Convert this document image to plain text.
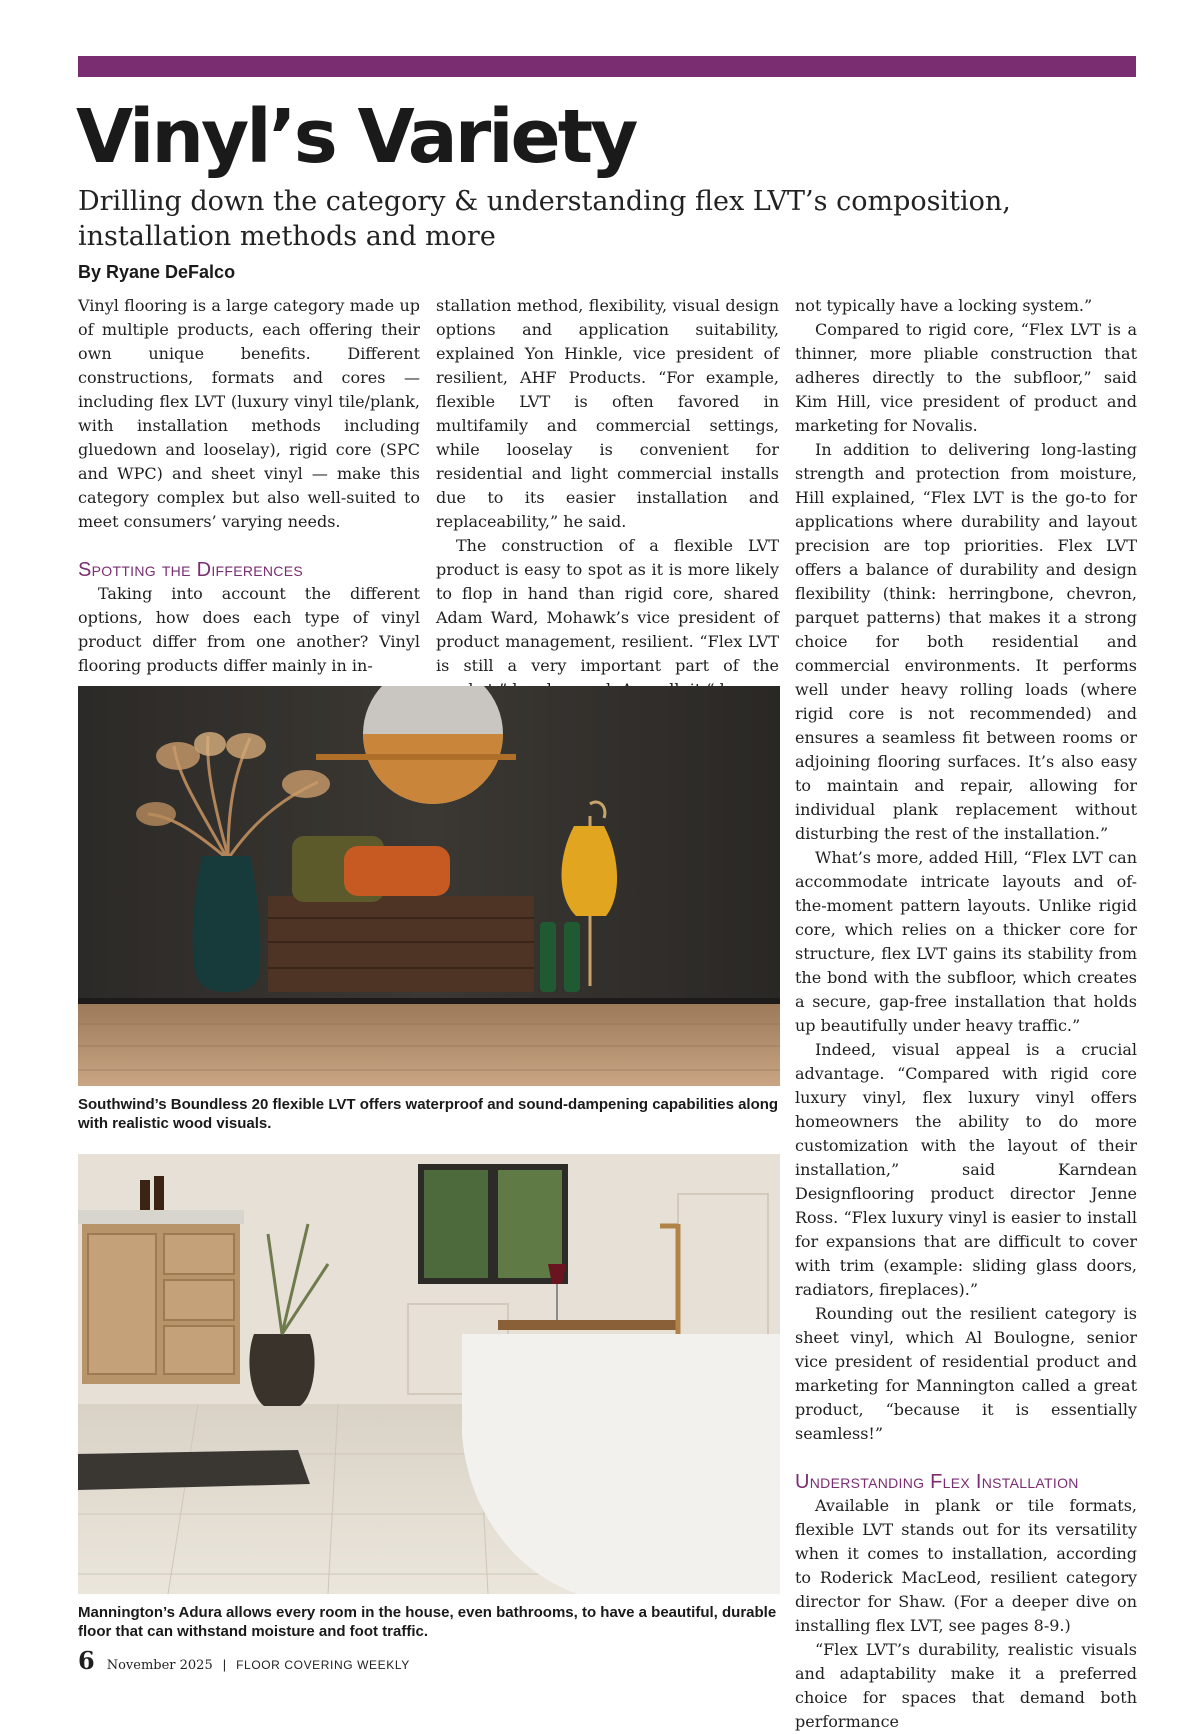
Vinyl’s Variety
Drilling down the category & understanding flex LVT’s composition, installation methods and more
By Ryane DeFalco

Vinyl flooring is a large category made up of multiple products, each offering their own unique benefits. Different constructions, formats and cores — including flex LVT (luxury vinyl tile/plank, with installation methods including gluedown and looselay), rigid core (SPC and WPC) and sheet vinyl — make this category complex but also well-suited to meet consumers’ varying needs.

Spotting the Differences

Taking into account the different options, how does each type of vinyl product differ from one another? Vinyl flooring products differ mainly in in-

stallation method, flexibility, visual design options and application suitability, explained Yon Hinkle, vice president of resilient, AHF Products. “For example, flexible LVT is often favored in multifamily and commercial settings, while looselay is convenient for residential and light commercial installs due to its easier installation and replaceability,” he said.

The construction of a flexible LVT product is easy to spot as it is more likely to flop in hand than rigid core, shared Adam Ward, Mohawk’s vice president of product management, resilient. “Flex LVT is still a very important part of the

not typically have a locking system.”

Compared to rigid core, “Flex LVT is a thinner, more pliable construction that adheres directly to the subfloor,” said Kim Hill, vice president of product and marketing for Novalis.

In addition to delivering long-lasting strength and protection from moisture, Hill explained, “Flex LVT is the go-to for applications where durability and layout precision are top priorities. Flex LVT offers a balance of durability and design flexibility (think: herringbone, chevron, parquet patterns) that makes it a strong choice for both residential and commercial environments. It performs well under heavy rolling loads (where rigid core is not recommended) and ensures a seamless fit between rooms or adjoining flooring surfaces. It’s also easy to maintain and repair, allowing for individual plank replacement without disturbing the rest of the installation.”

What’s more, added Hill, “Flex LVT can accommodate intricate layouts and of-the-moment pattern layouts. Unlike rigid core, which relies on a thicker core for structure, flex LVT gains its stability from the bond with the subfloor, which creates a secure, gap-free installation that holds up beautifully under heavy traffic.”

Indeed, visual appeal is a crucial advantage. “Compared with rigid core luxury vinyl, flex luxury vinyl offers homeowners the ability to do more customization with the layout of their installation,” said Karndean Designflooring product director Jenne Ross. “Flex luxury vinyl is easier to install for expansions that are difficult to cover with trim (example: sliding glass doors, radiators, fireplaces).”

Rounding out the resilient category is sheet vinyl, which Al Boulogne, senior vice president of residential product and marketing for Mannington called a great product, “because it is essentially seamless!”

Understanding Flex Installation

Available in plank or tile formats, flexible LVT stands out for its versatility when it comes to installation, according to Roderick MacLeod, resilient category director for Shaw. (For a deeper dive on installing flex LVT, see pages 8-9.)

“Flex LVT’s durability, realistic visuals and adaptability make it a preferred choice for spaces that demand both performance

Southwind’s Boundless 20 flexible LVT offers waterproof and sound-dampening capabilities along with realistic wood visuals.

Mannington’s Adura allows every room in the house, even bathrooms, to have a beautiful, durable floor that can withstand moisture and foot traffic.

6 November 2025 | FLOOR COVERING WEEKLY
